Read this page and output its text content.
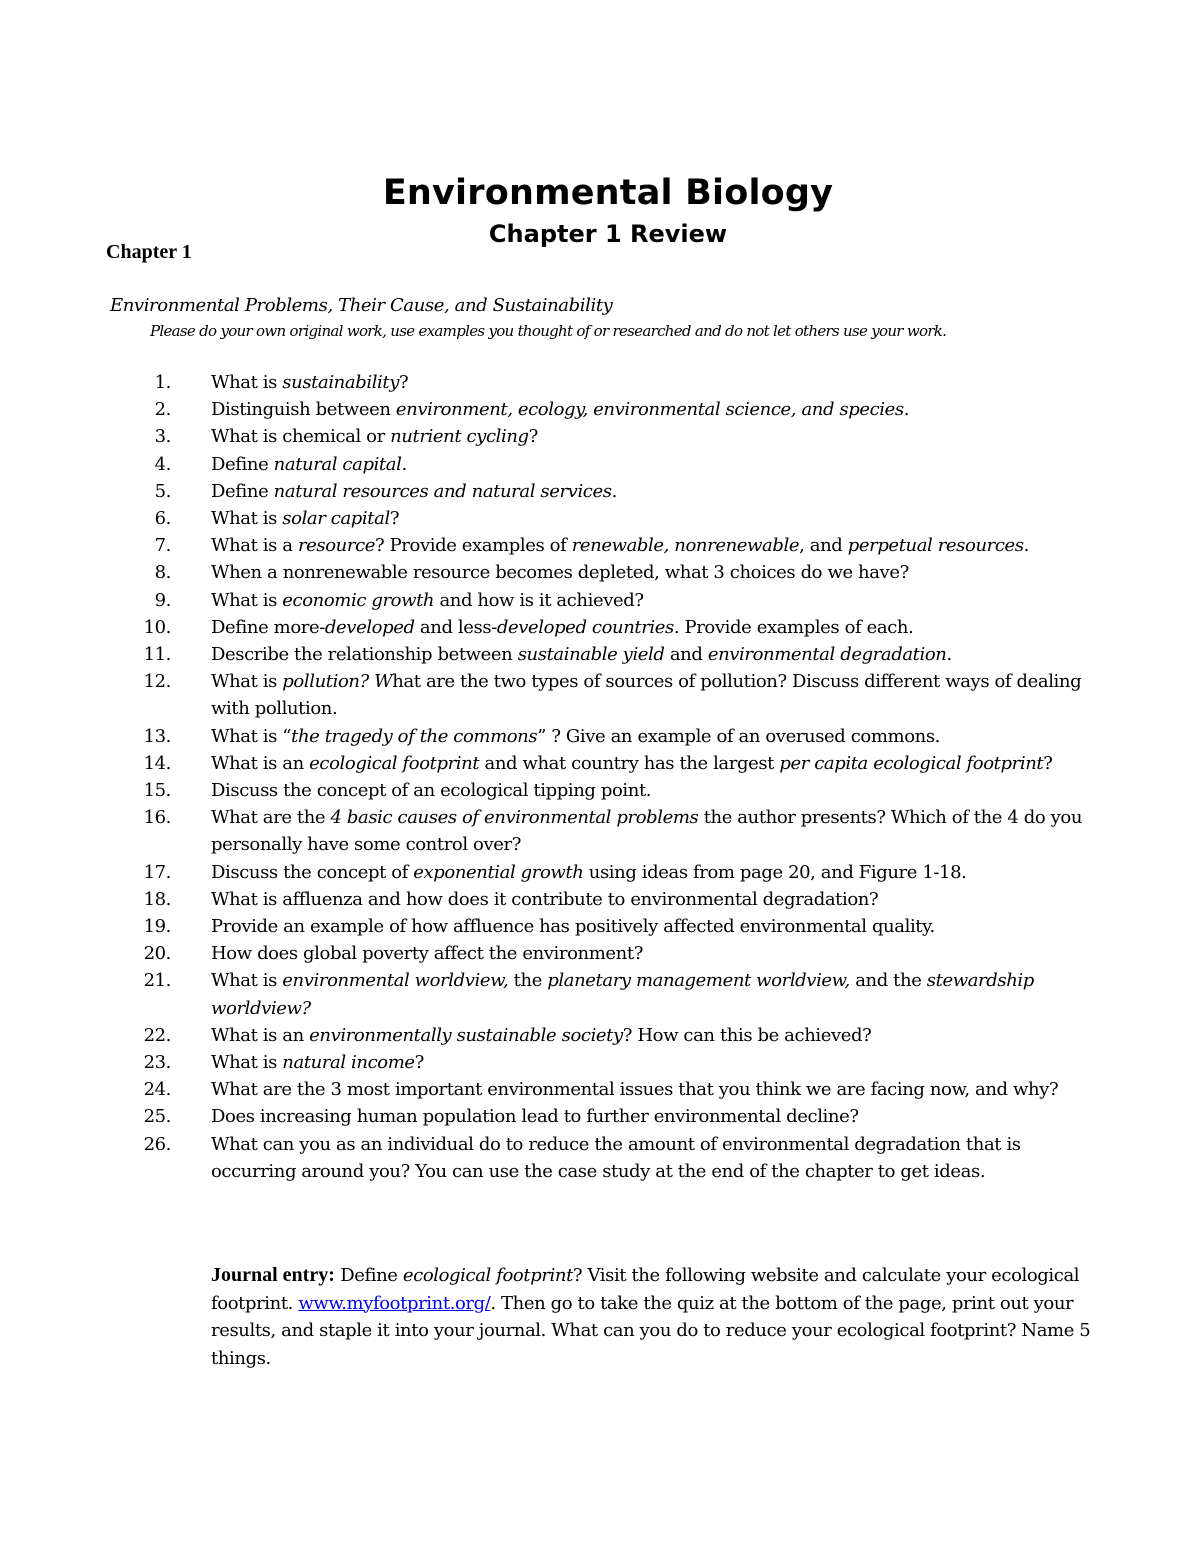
Environmental Biology
Chapter 1
Chapter 1 Review
Environmental Problems, Their Cause, and Sustainability
Please do your own original work, use examples you thought of or researched and do not let others use your work.
1. What is sustainability?
2. Distinguish between environment, ecology, environmental science, and species.
3. What is chemical or nutrient cycling?
4. Define natural capital.
5. Define natural resources and natural services.
6. What is solar capital?
7. What is a resource? Provide examples of renewable, nonrenewable, and perpetual resources.
8. When a nonrenewable resource becomes depleted, what 3 choices do we have?
9. What is economic growth and how is it achieved?
10. Define more-developed and less-developed countries. Provide examples of each.
11. Describe the relationship between sustainable yield and environmental degradation.
12. What is pollution? What are the two types of sources of pollution? Discuss different ways of dealing with pollution.
13. What is “the tragedy of the commons” ? Give an example of an overused commons.
14. What is an ecological footprint and what country has the largest per capita ecological footprint?
15. Discuss the concept of an ecological tipping point.
16. What are the 4 basic causes of environmental problems the author presents? Which of the 4 do you personally have some control over?
17. Discuss the concept of exponential growth using ideas from page 20, and Figure 1-18.
18. What is affluenza and how does it contribute to environmental degradation?
19. Provide an example of how affluence has positively affected environmental quality.
20. How does global poverty affect the environment?
21. What is environmental worldview, the planetary management worldview, and the stewardship worldview?
22. What is an environmentally sustainable society? How can this be achieved?
23. What is natural income?
24. What are the 3 most important environmental issues that you think we are facing now, and why?
25. Does increasing human population lead to further environmental decline?
26. What can you as an individual do to reduce the amount of environmental degradation that is occurring around you? You can use the case study at the end of the chapter to get ideas.
Journal entry: Define ecological footprint? Visit the following website and calculate your ecological footprint. www.myfootprint.org/. Then go to take the quiz at the bottom of the page, print out your results, and staple it into your journal. What can you do to reduce your ecological footprint? Name 5 things.
